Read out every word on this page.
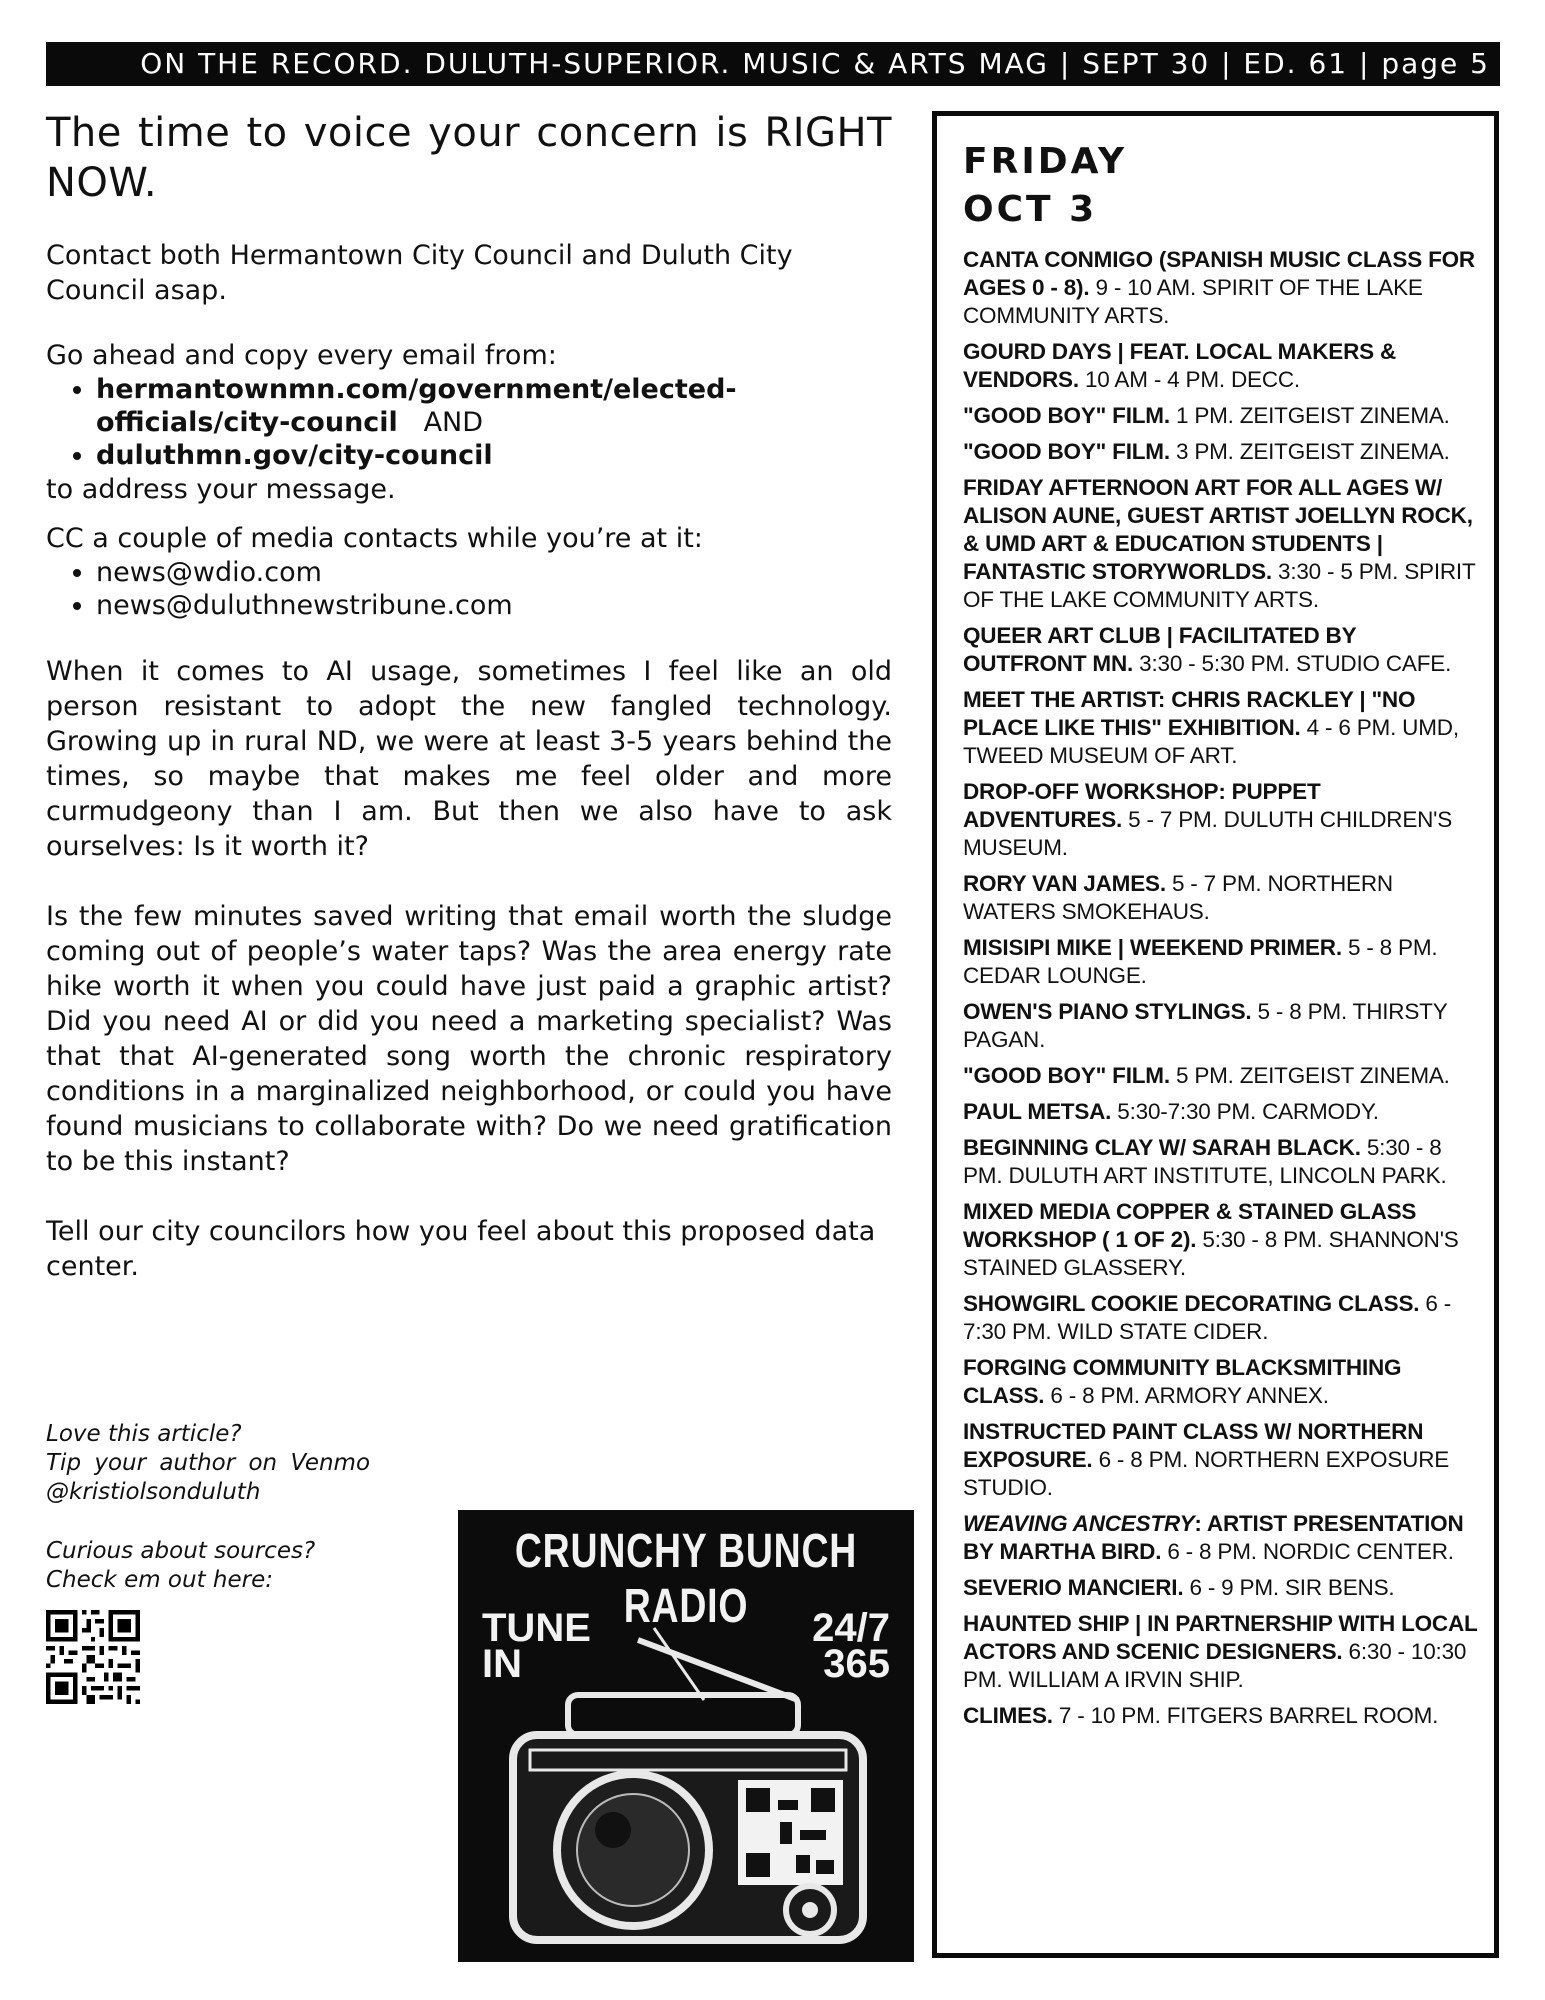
ON THE RECORD. DULUTH-SUPERIOR. MUSIC & ARTS MAG | SEPT 30 | ED. 61 | page 5

The time to voice your concern is RIGHT NOW.

Contact both Hermantown City Council and Duluth City Council asap.

Go ahead and copy every email from:

• hermantownmn.com/government/elected-officials/city-council AND
• duluthmn.gov/city-council

to address your message.

CC a couple of media contacts while you’re at it:

• news@wdio.com
• news@duluthnewstribune.com

When it comes to AI usage, sometimes I feel like an old person resistant to adopt the new fangled technology. Growing up in rural ND, we were at least 3-5 years behind the times, so maybe that makes me feel older and more curmudgeony than I am. But then we also have to ask ourselves: Is it worth it?

Is the few minutes saved writing that email worth the sludge coming out of people’s water taps? Was the area energy rate hike worth it when you could have just paid a graphic artist? Did you need AI or did you need a marketing specialist? Was that that AI-generated song worth the chronic respiratory conditions in a marginalized neighborhood, or could you have found musicians to collaborate with? Do we need gratification to be this instant?

Tell our city councilors how you feel about this proposed data center.

Love this article?
Tip your author on Venmo
@kristiolsonduluth
Curious about sources?
Check em out here:
CRUNCHY BUNCH RADIO
TUNE
IN
24/7
365
FRIDAY
OCT 3

CANTA CONMIGO (SPANISH MUSIC CLASS FOR AGES 0 - 8). 9 - 10 AM. SPIRIT OF THE LAKE COMMUNITY ARTS.

GOURD DAYS | FEAT. LOCAL MAKERS & VENDORS. 10 AM - 4 PM. DECC.

"GOOD BOY" FILM. 1 PM. ZEITGEIST ZINEMA.

"GOOD BOY" FILM. 3 PM. ZEITGEIST ZINEMA.

FRIDAY AFTERNOON ART FOR ALL AGES W/ ALISON AUNE, GUEST ARTIST JOELLYN ROCK, & UMD ART & EDUCATION STUDENTS | FANTASTIC STORYWORLDS. 3:30 - 5 PM. SPIRIT OF THE LAKE COMMUNITY ARTS.

QUEER ART CLUB | FACILITATED BY OUTFRONT MN. 3:30 - 5:30 PM. STUDIO CAFE.

MEET THE ARTIST: CHRIS RACKLEY | "NO PLACE LIKE THIS" EXHIBITION. 4 - 6 PM. UMD, TWEED MUSEUM OF ART.

DROP-OFF WORKSHOP: PUPPET ADVENTURES. 5 - 7 PM. DULUTH CHILDREN'S MUSEUM.

RORY VAN JAMES. 5 - 7 PM. NORTHERN WATERS SMOKEHAUS.

MISISIPI MIKE | WEEKEND PRIMER. 5 - 8 PM. CEDAR LOUNGE.

OWEN'S PIANO STYLINGS. 5 - 8 PM. THIRSTY PAGAN.

"GOOD BOY" FILM. 5 PM. ZEITGEIST ZINEMA.

PAUL METSA. 5:30-7:30 PM. CARMODY.

BEGINNING CLAY W/ SARAH BLACK. 5:30 - 8 PM. DULUTH ART INSTITUTE, LINCOLN PARK.

MIXED MEDIA COPPER & STAINED GLASS WORKSHOP ( 1 OF 2). 5:30 - 8 PM. SHANNON'S STAINED GLASSERY.

SHOWGIRL COOKIE DECORATING CLASS. 6 - 7:30 PM. WILD STATE CIDER.

FORGING COMMUNITY BLACKSMITHING CLASS. 6 - 8 PM. ARMORY ANNEX.

INSTRUCTED PAINT CLASS W/ NORTHERN EXPOSURE. 6 - 8 PM. NORTHERN EXPOSURE STUDIO.

WEAVING ANCESTRY: ARTIST PRESENTATION BY MARTHA BIRD. 6 - 8 PM. NORDIC CENTER.

SEVERIO MANCIERI. 6 - 9 PM. SIR BENS.

HAUNTED SHIP | IN PARTNERSHIP WITH LOCAL ACTORS AND SCENIC DESIGNERS. 6:30 - 10:30 PM. WILLIAM A IRVIN SHIP.

CLIMES. 7 - 10 PM. FITGERS BARREL ROOM.
